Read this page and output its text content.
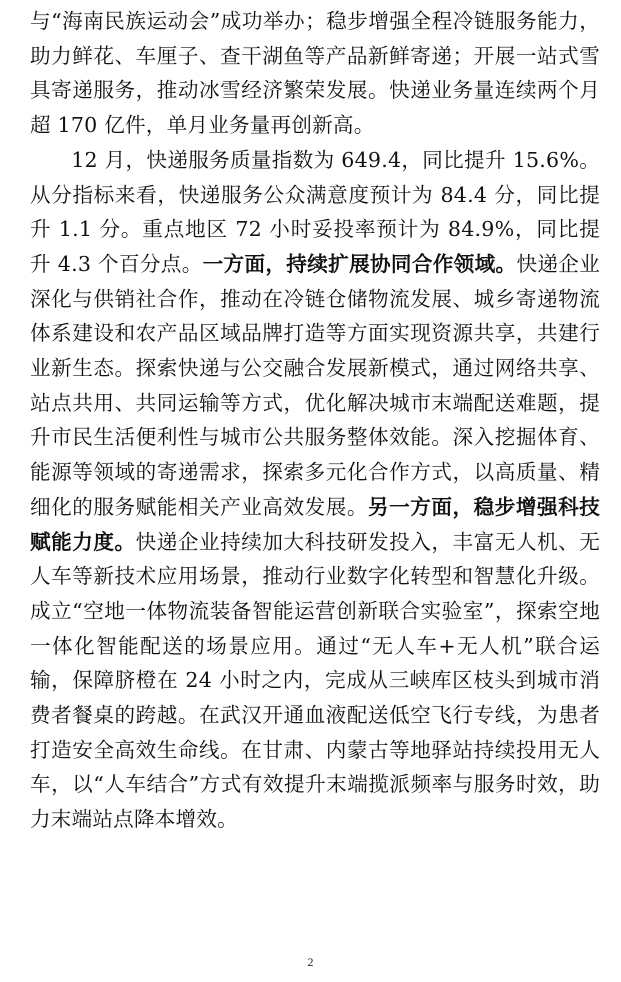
与“海南民族运动会”成功举办；稳步增强全程冷链服务能力，助力鲜花、车厘子、查干湖鱼等产品新鲜寄递；开展一站式雪具寄递服务，推动冰雪经济繁荣发展。快递业务量连续两个月超 170 亿件，单月业务量再创新高。

12 月，快递服务质量指数为 649.4，同比提升 15.6%。从分指标来看，快递服务公众满意度预计为 84.4 分，同比提升 1.1 分。重点地区 72 小时妥投率预计为 84.9%，同比提升 4.3 个百分点。一方面，持续扩展协同合作领域。快递企业深化与供销社合作，推动在冷链仓储物流发展、城乡寄递物流体系建设和农产品区域品牌打造等方面实现资源共享，共建行业新生态。探索快递与公交融合发展新模式，通过网络共享、站点共用、共同运输等方式，优化解决城市末端配送难题，提升市民生活便利性与城市公共服务整体效能。深入挖掘体育、能源等领域的寄递需求，探索多元化合作方式，以高质量、精细化的服务赋能相关产业高效发展。另一方面，稳步增强科技赋能力度。快递企业持续加大科技研发投入，丰富无人机、无人车等新技术应用场景，推动行业数字化转型和智慧化升级。成立“空地一体物流装备智能运营创新联合实验室”，探索空地一体化智能配送的场景应用。通过“无人车+无人机”联合运输，保障脐橙在 24 小时之内，完成从三峡库区枝头到城市消费者餐桌的跨越。在武汉开通血液配送低空飞行专线，为患者打造安全高效生命线。在甘肃、内蒙古等地驿站持续投用无人车，以“人车结合”方式有效提升末端揽派频率与服务时效，助力末端站点降本增效。

2
